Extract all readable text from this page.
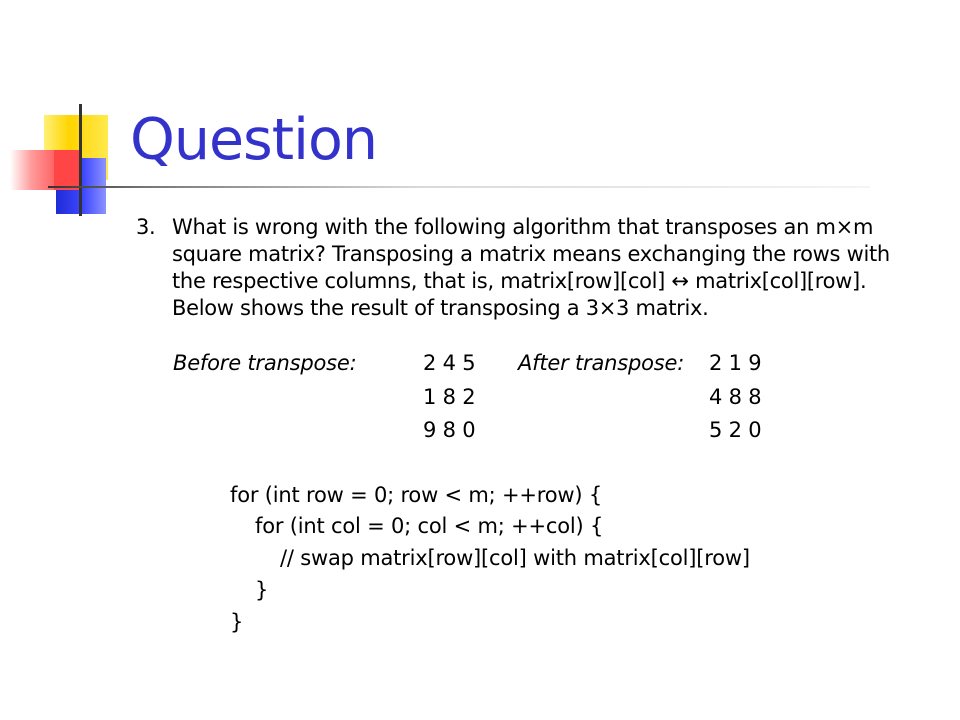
Question
3. What is wrong with the following algorithm that transposes an m×m square matrix? Transposing a matrix means exchanging the rows with the respective columns, that is, matrix[row][col] ↔ matrix[col][row]. Below shows the result of transposing a 3×3 matrix.
Before transpose:	2 4 5
1 8 2
9 8 0
After transpose: 2 1 9
4 8 8
5 2 0
for (int row = 0; row < m; ++row) {
for (int col = 0; col < m; ++col) {
// swap matrix[row][col] with matrix[col][row]
}
}
